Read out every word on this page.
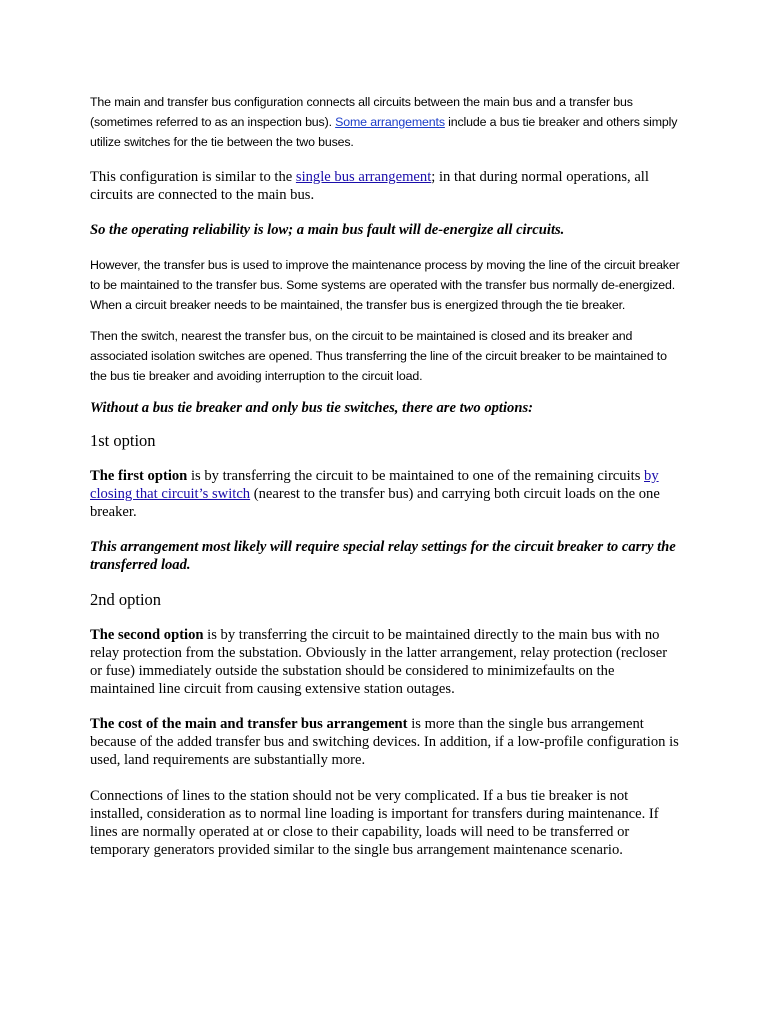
The main and transfer bus configuration connects all circuits between the main bus and a transfer bus (sometimes referred to as an inspection bus). Some arrangements include a bus tie breaker and others simply utilize switches for the tie between the two buses.

This configuration is similar to the single bus arrangement; in that during normal operations, all circuits are connected to the main bus.

So the operating reliability is low; a main bus fault will de-energize all circuits.

However, the transfer bus is used to improve the maintenance process by moving the line of the circuit breaker to be maintained to the transfer bus. Some systems are operated with the transfer bus normally de-energized. When a circuit breaker needs to be maintained, the transfer bus is energized through the tie breaker.

Then the switch, nearest the transfer bus, on the circuit to be maintained is closed and its breaker and associated isolation switches are opened. Thus transferring the line of the circuit breaker to be maintained to the bus tie breaker and avoiding interruption to the circuit load.

Without a bus tie breaker and only bus tie switches, there are two options:

1st option

The first option is by transferring the circuit to be maintained to one of the remaining circuits by closing that circuit’s switch (nearest to the transfer bus) and carrying both circuit loads on the one breaker.

This arrangement most likely will require special relay settings for the circuit breaker to carry the transferred load.

2nd option

The second option is by transferring the circuit to be maintained directly to the main bus with no relay protection from the substation. Obviously in the latter arrangement, relay protection (recloser or fuse) immediately outside the substation should be considered to minimizefaults on the maintained line circuit from causing extensive station outages.

The cost of the main and transfer bus arrangement is more than the single bus arrangement because of the added transfer bus and switching devices. In addition, if a low-profile configuration is used, land requirements are substantially more.

Connections of lines to the station should not be very complicated. If a bus tie breaker is not installed, consideration as to normal line loading is important for transfers during maintenance. If lines are normally operated at or close to their capability, loads will need to be transferred or temporary generators provided similar to the single bus arrangement maintenance scenario.
